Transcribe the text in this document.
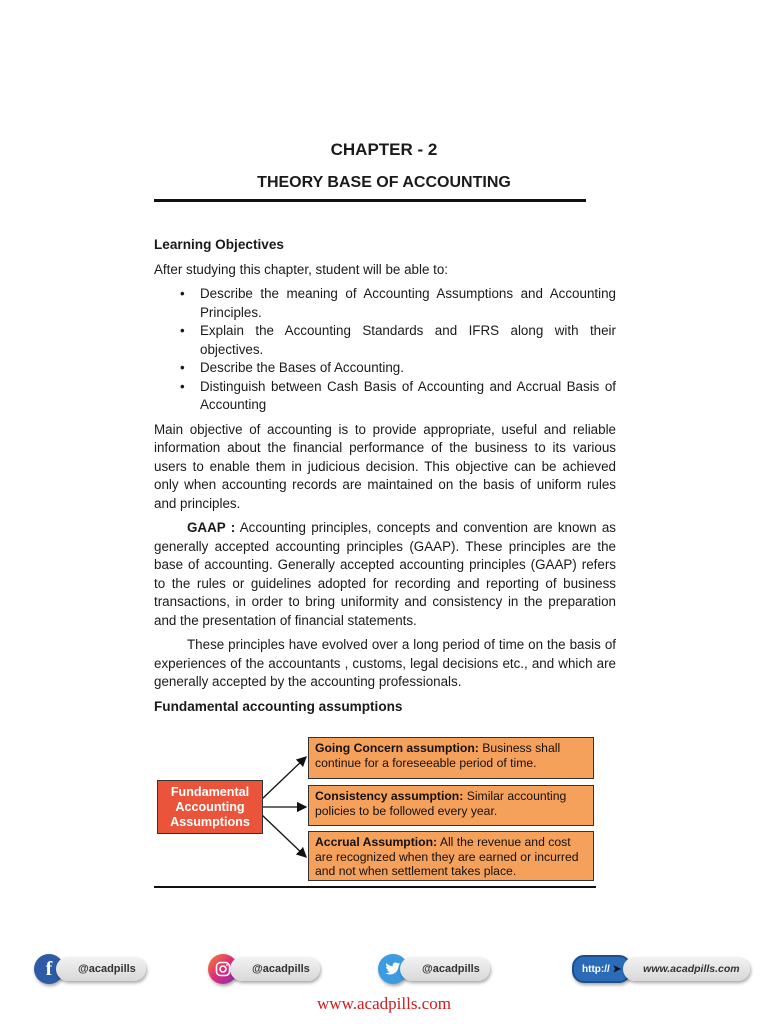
CHAPTER - 2
THEORY BASE OF ACCOUNTING
Learning Objectives
After studying this chapter, student will be able to:
• Describe the meaning of Accounting Assumptions and Accounting Principles.
• Explain the Accounting Standards and IFRS along with their objectives.
• Describe the Bases of Accounting.
• Distinguish between Cash Basis of Accounting and Accrual Basis of Accounting
Main objective of accounting is to provide appropriate, useful and reliable information about the financial performance of the business to its various users to enable them in judicious decision. This objective can be achieved only when accounting records are maintained on the basis of uniform rules and principles.
GAAP : Accounting principles, concepts and convention are known as generally accepted accounting principles (GAAP). These principles are the base of accounting. Generally accepted accounting principles (GAAP) refers to the rules or guidelines adopted for recording and reporting of business transactions, in order to bring uniformity and consistency in the preparation and the presentation of financial statements.
These principles have evolved over a long period of time on the basis of experiences of the accountants , customs, legal decisions etc., and which are generally accepted by the accounting professionals.
Fundamental accounting assumptions
Fundamental Accounting Assumptions
Going Concern assumption: Business shall continue for a foreseeable period of time.
Consistency assumption: Similar accounting policies to be followed every year.
Accrual Assumption: All the revenue and cost are recognized when they are earned or incurred and not when settlement takes place.
f	@acadpills	@acadpills	@acadpills	http:// ➤	www.acadpills.com
www.acadpills.com
